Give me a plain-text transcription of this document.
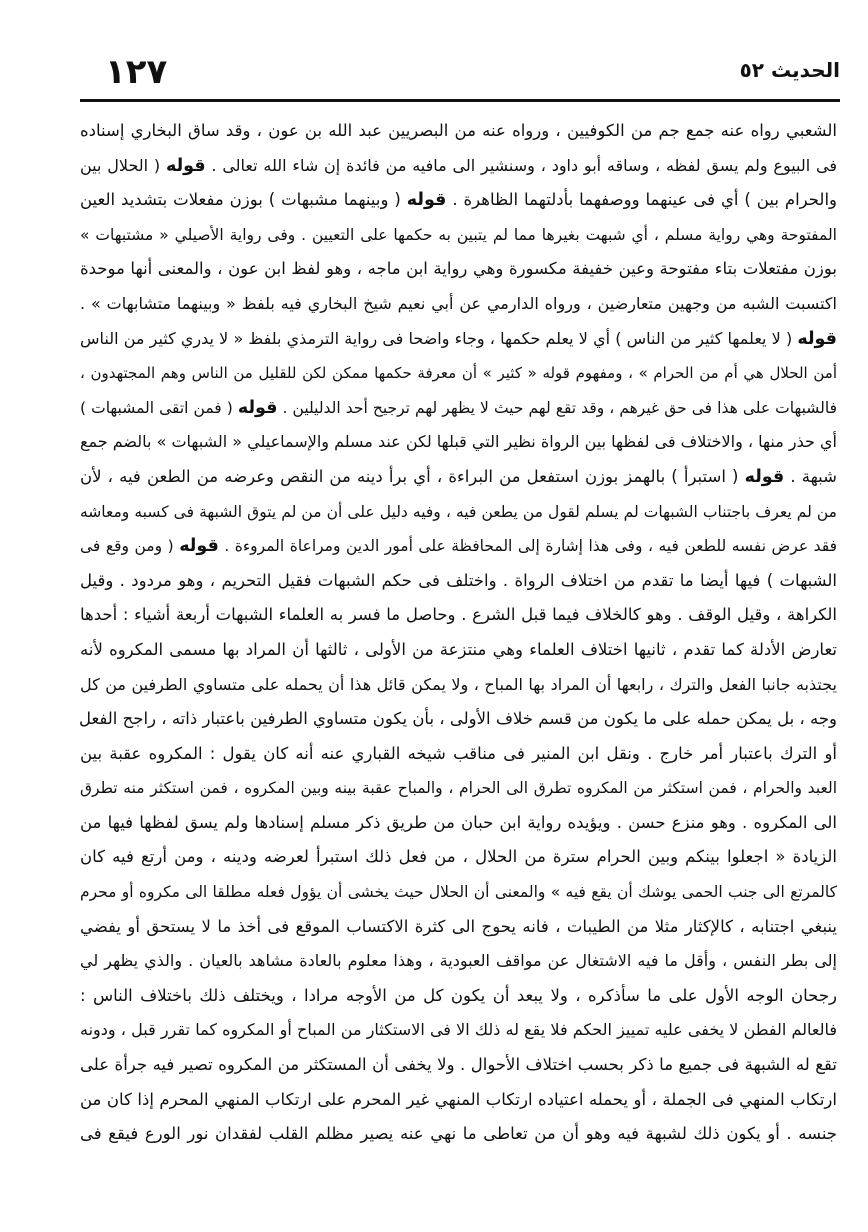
١٢٧	الحديث ٥٢
الشعبي رواه عنه جمع جم من الكوفيين ، ورواه عنه من البصريين عبد الله بن عون ، وقد ساق البخاري إسناده
فى البيوع ولم يسق لفظه ، وساقه أبو داود ، وسنشير الى مافيه من فائدة إن شاء الله تعالى . قوله ( الحلال بين
والحرام بين ) أي فى عينهما ووصفهما بأدلتهما الظاهرة . قوله ( وبينهما مشبهات ) بوزن مفعلات بتشديد العين
المفتوحة وهي رواية مسلم ، أي شبهت بغيرها مما لم يتبين به حكمها على التعيين . وفى رواية الأصيلي « مشتبهات »
بوزن مفتعلات بتاء مفتوحة وعين خفيفة مكسورة وهي رواية ابن ماجه ، وهو لفظ ابن عون ، والمعنى أنها موحدة
اكتسبت الشبه من وجهين متعارضين ، ورواه الدارمي عن أبي نعيم شيخ البخاري فيه بلفظ « وبينهما متشابهات » .
قوله ( لا يعلمها كثير من الناس ) أي لا يعلم حكمها ، وجاء واضحا فى رواية الترمذي بلفظ « لا يدري كثير من الناس
أمن الحلال هي أم من الحرام » ، ومفهوم قوله « كثير » أن معرفة حكمها ممكن لكن للقليل من الناس وهم المجتهدون ،
فالشبهات على هذا فى حق غيرهم ، وقد تقع لهم حيث لا يظهر لهم ترجيح أحد الدليلين . قوله ( فمن اتقى المشبهات )
أي حذر منها ، والاختلاف فى لفظها بين الرواة نظير التي قبلها لكن عند مسلم والإسماعيلي « الشبهات » بالضم جمع
شبهة . قوله ( استبرأ ) بالهمز بوزن استفعل من البراءة ، أي برأ دينه من النقص وعرضه من الطعن فيه ، لأن
من لم يعرف باجتناب الشبهات لم يسلم لقول من يطعن فيه ، وفيه دليل على أن من لم يتوق الشبهة فى كسبه ومعاشه
فقد عرض نفسه للطعن فيه ، وفى هذا إشارة إلى المحافظة على أمور الدين ومراعاة المروءة . قوله ( ومن وقع فى
الشبهات ) فيها أيضا ما تقدم من اختلاف الرواة . واختلف فى حكم الشبهات فقيل التحريم ، وهو مردود . وقيل
الكراهة ، وقيل الوقف . وهو كالخلاف فيما قبل الشرع . وحاصل ما فسر به العلماء الشبهات أربعة أشياء : أحدها
تعارض الأدلة كما تقدم ، ثانيها اختلاف العلماء وهي منتزعة من الأولى ، ثالثها أن المراد بها مسمى المكروه لأنه
يجتذبه جانبا الفعل والترك ، رابعها أن المراد بها المباح ، ولا يمكن قائل هذا أن يحمله على متساوي الطرفين من كل
وجه ، بل يمكن حمله على ما يكون من قسم خلاف الأولى ، بأن يكون متساوي الطرفين باعتبار ذاته ، راجح الفعل
أو الترك باعتبار أمر خارج . ونقل ابن المنير فى مناقب شيخه القباري عنه أنه كان يقول : المكروه عقبة بين
العبد والحرام ، فمن استكثر من المكروه تطرق الى الحرام ، والمباح عقبة بينه وبين المكروه ، فمن استكثر منه تطرق
الى المكروه . وهو منزع حسن . ويؤيده رواية ابن حبان من طريق ذكر مسلم إسنادها ولم يسق لفظها فيها من
الزيادة « اجعلوا بينكم وبين الحرام سترة من الحلال ، من فعل ذلك استبرأ لعرضه ودينه ، ومن أرتع فيه كان
كالمرتع الى جنب الحمى يوشك أن يقع فيه » والمعنى أن الحلال حيث يخشى أن يؤول فعله مطلقا الى مكروه أو محرم
ينبغي اجتنابه ، كالإكثار مثلا من الطيبات ، فانه يحوج الى كثرة الاكتساب الموقع فى أخذ ما لا يستحق أو يفضي
إلى بطر النفس ، وأقل ما فيه الاشتغال عن مواقف العبودية ، وهذا معلوم بالعادة مشاهد بالعيان . والذي يظهر لي
رجحان الوجه الأول على ما سأذكره ، ولا يبعد أن يكون كل من الأوجه مرادا ، ويختلف ذلك باختلاف الناس :
فالعالم الفطن لا يخفى عليه تمييز الحكم فلا يقع له ذلك الا فى الاستكثار من المباح أو المكروه كما تقرر قبل ، ودونه
تقع له الشبهة فى جميع ما ذكر بحسب اختلاف الأحوال . ولا يخفى أن المستكثر من المكروه تصير فيه جرأة على
ارتكاب المنهي فى الجملة ، أو يحمله اعتياده ارتكاب المنهي غير المحرم على ارتكاب المنهي المحرم إذا كان من
جنسه . أو يكون ذلك لشبهة فيه وهو أن من تعاطى ما نهي عنه يصير مظلم القلب لفقدان نور الورع فيقع فى
